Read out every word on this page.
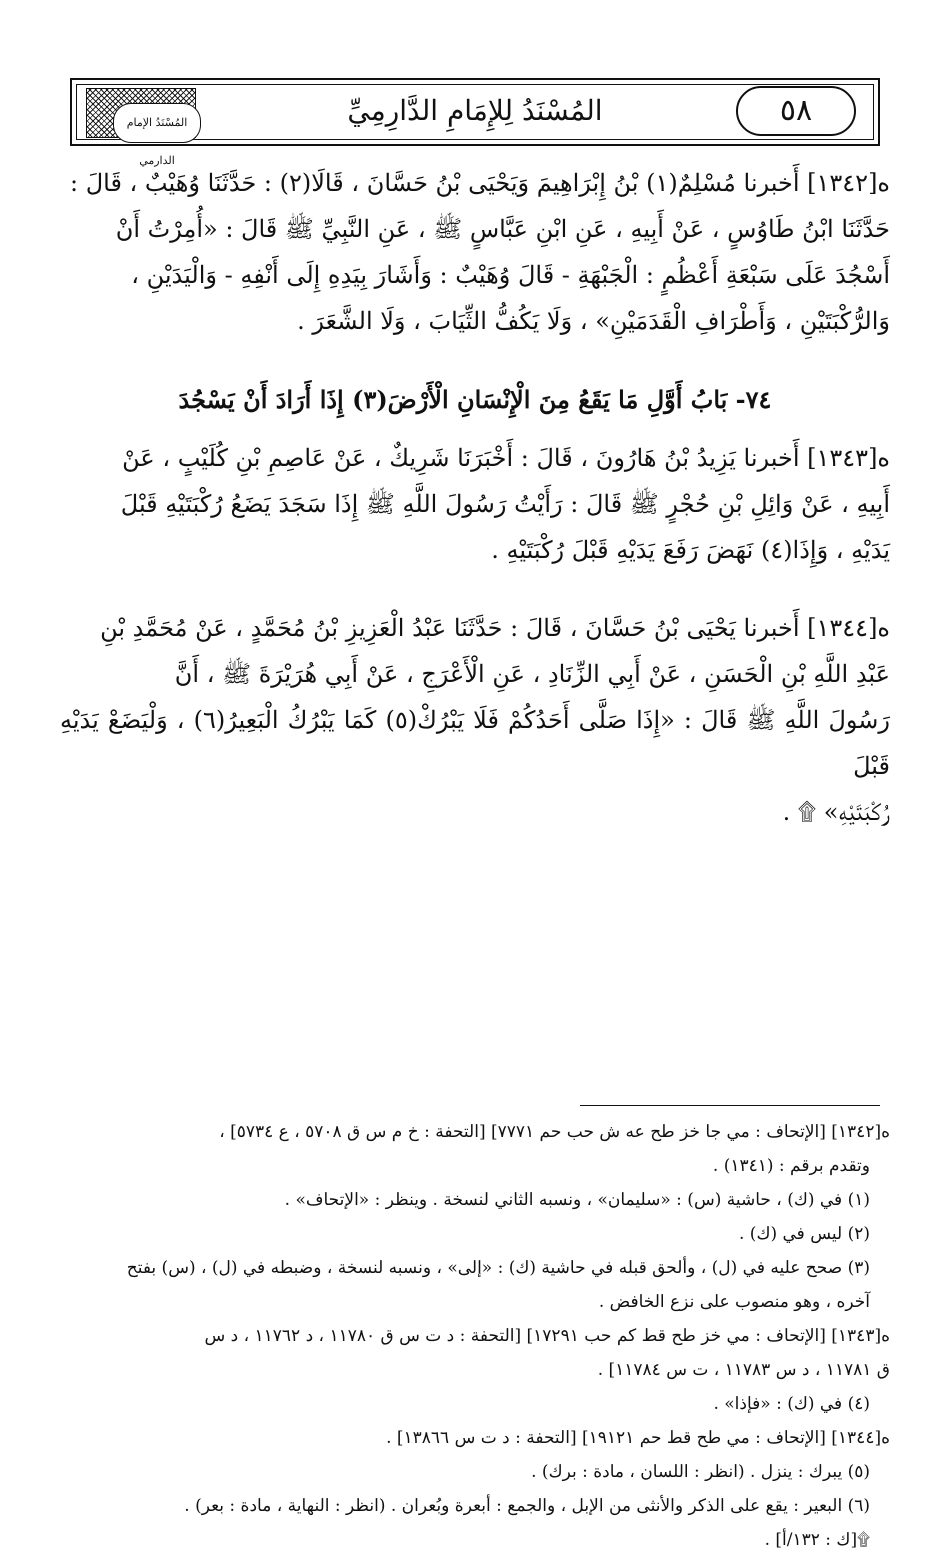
المُسْنَدُ الإمام الدارمي
المُسْنَدُ لِلإِمَامِ الدَّارِمِيِّ	٥٨
ه[١٣٤٢] أَخبرنا مُسْلِمٌ(١) بْنُ إِبْرَاهِيمَ وَيَحْيَى بْنُ حَسَّانَ ، قَالَا(٢) : حَدَّثَنَا وُهَيْبٌ ، قَالَ :
حَدَّثَنَا ابْنُ طَاوُسٍ ، عَنْ أَبِيهِ ، عَنِ ابْنِ عَبَّاسٍ ﷺ ، عَنِ النَّبِيِّ ﷺ قَالَ : «أُمِرْتُ أَنْ
أَسْجُدَ عَلَى سَبْعَةِ أَعْظُمٍ : الْجَبْهَةِ - قَالَ وُهَيْبٌ : وَأَشَارَ بِيَدِهِ إِلَى أَنْفِهِ - وَالْيَدَيْنِ ،
وَالرُّكْبَتَيْنِ ، وَأَطْرَافِ الْقَدَمَيْنِ» ، وَلَا يَكُفُّ الثِّيَابَ ، وَلَا الشَّعَرَ .
٧٤- بَابُ أَوَّلِ مَا يَقَعُ مِنَ الْإِنْسَانِ الْأَرْضَ(٣) إِذَا أَرَادَ أَنْ يَسْجُدَ
ه[١٣٤٣] أَخبرنا يَزِيدُ بْنُ هَارُونَ ، قَالَ : أَخْبَرَنَا شَرِيكٌ ، عَنْ عَاصِمِ بْنِ كُلَيْبٍ ، عَنْ
أَبِيهِ ، عَنْ وَائِلِ بْنِ حُجْرٍ ﷺ قَالَ : رَأَيْتُ رَسُولَ اللَّهِ ﷺ إِذَا سَجَدَ يَضَعُ رُكْبَتَيْهِ قَبْلَ
يَدَيْهِ ، وَإِذَا(٤) نَهَضَ رَفَعَ يَدَيْهِ قَبْلَ رُكْبَتَيْهِ .
ه[١٣٤٤] أَخبرنا يَحْيَى بْنُ حَسَّانَ ، قَالَ : حَدَّثَنَا عَبْدُ الْعَزِيزِ بْنُ مُحَمَّدٍ ، عَنْ مُحَمَّدِ بْنِ
عَبْدِ اللَّهِ بْنِ الْحَسَنِ ، عَنْ أَبِي الزِّنَادِ ، عَنِ الْأَعْرَجِ ، عَنْ أَبِي هُرَيْرَةَ ﷺ ، أَنَّ
رَسُولَ اللَّهِ ﷺ قَالَ : «إِذَا صَلَّى أَحَدُكُمْ فَلَا يَبْرُكْ(٥) كَمَا يَبْرُكُ الْبَعِيرُ(٦) ، وَلْيَضَعْ يَدَيْهِ قَبْلَ
رُكْبَتَيْهِ» ۩ .
ه[١٣٤٢] [الإتحاف : مي جا خز طح عه ش حب حم ٧٧٧١] [التحفة : خ م س ق ٥٧٠٨ ، ع ٥٧٣٤] ،
وتقدم برقم : (١٣٤١) .
(١) في (ك) ، حاشية (س) : «سليمان» ، ونسبه الثاني لنسخة . وينظر : «الإتحاف» .
(٢) ليس في (ك) .
(٣) صحح عليه في (ل) ، وألحق قبله في حاشية (ك) : «إلى» ، ونسبه لنسخة ، وضبطه في (ل) ، (س) بفتح
آخره ، وهو منصوب على نزع الخافض .
ه[١٣٤٣] [الإتحاف : مي خز طح قط كم حب ١٧٢٩١] [التحفة : د ت س ق ١١٧٨٠ ، د ١١٧٦٢ ، د س
ق ١١٧٨١ ، د س ١١٧٨٣ ، ت س ١١٧٨٤] .
(٤) في (ك) : «فإذا» .
ه[١٣٤٤] [الإتحاف : مي طح قط حم ١٩١٢١] [التحفة : د ت س ١٣٨٦٦] .
(٥) يبرك : ينزل . (انظر : اللسان ، مادة : برك) .
(٦) البعير : يقع على الذكر والأنثى من الإبل ، والجمع : أبعرة وبُعران . (انظر : النهاية ، مادة : بعر) .
۩[ك : ١٣٢/أ] .
